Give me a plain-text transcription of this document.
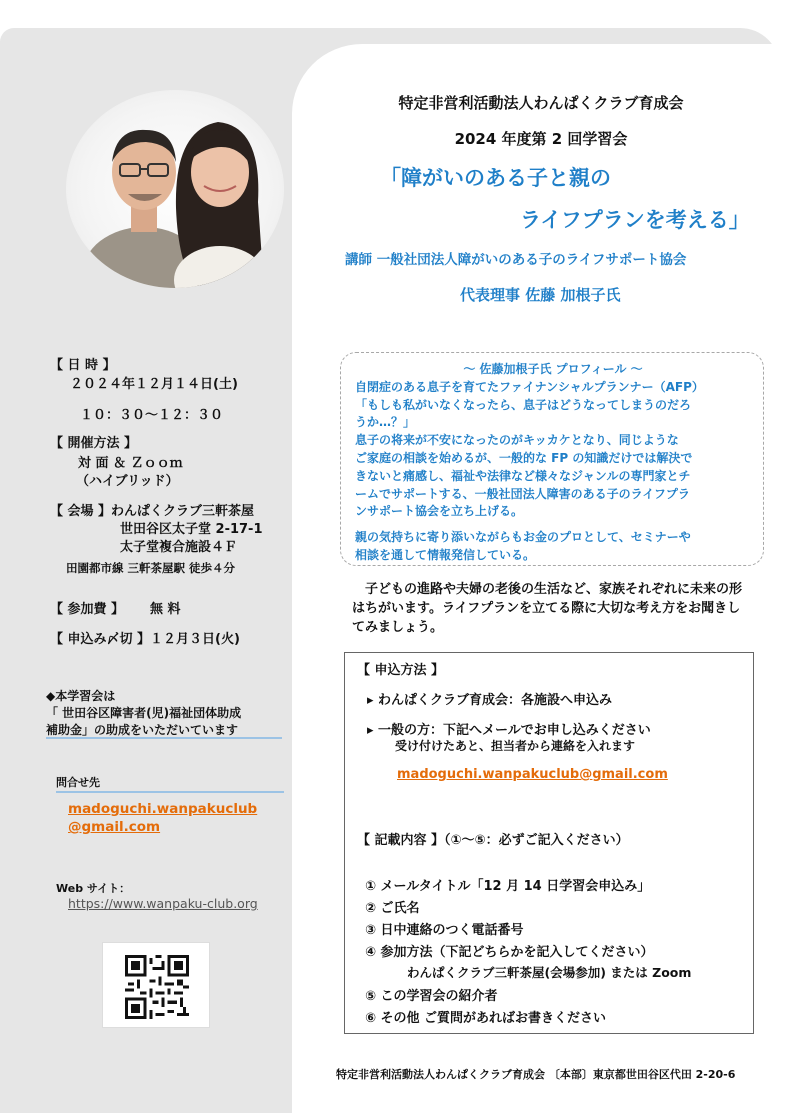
特定非営利活動法人わんぱくクラブ育成会
2024 年度第 2 回学習会
「障がいのある子と親の
ライフプランを考える」
講師 一般社団法人障がいのある子のライフサポート協会
代表理事 佐藤 加根子氏
【 日 時 】
２０２４年１２月１４日(土)
１０：３０～１２：３０
【 開催方法 】
対 面 ＆ Ｚｏｏｍ
（ハイブリッド）
【 会場 】わんぱくクラブ三軒茶屋
世田谷区太子堂 2-17-1
太子堂複合施設４Ｆ
田園都市線 三軒茶屋駅 徒歩４分
【 参加費 】 無 料
【 申込み〆切 】１２月３日(火)
～ 佐藤加根子氏 プロフィール ～
自閉症のある息子を育てたファイナンシャルプランナー（AFP）
「もしも私がいなくなったら、息子はどうなってしまうのだろ
うか…？」
息子の将来が不安になったのがキッカケとなり、同じような
ご家庭の相談を始めるが、一般的な FP の知識だけでは解決で
きないと痛感し、福祉や法律など様々なジャンルの専門家とチ
ームでサポートする、一般社団法人障害のある子のライフプラ
ンサポート協会を立ち上げる。
親の気持ちに寄り添いながらもお金のプロとして、セミナーや
相談を通して情報発信している。
子どもの進路や夫婦の老後の生活など、家族それぞれに未来の形はちがいます。ライフプランを立てる際に大切な考え方をお聞きしてみましょう。
【 申込方法 】
▸ わんぱくクラブ育成会：各施設へ申込み
▸ 一般の方：下記へメールでお申し込みください
受け付けたあと、担当者から連絡を入れます
madoguchi.wanpakuclub@gmail.com
【 記載内容 】（①～⑤：必ずご記入ください）
① メールタイトル「12 月 14 日学習会申込み」
② ご氏名
③ 日中連絡のつく電話番号
④ 参加方法（下記どちらかを記入してください）
わんぱくクラブ三軒茶屋(会場参加) または Zoom
⑤ この学習会の紹介者
⑥ その他 ご質問があればお書きください
◆本学習会は
「 世田谷区障害者(児)福祉団体助成
補助金」の助成をいただいています
問合せ先
madoguchi.wanpakuclub
@gmail.com
Web サイト：
https://www.wanpaku-club.org
特定非営利活動法人わんぱくクラブ育成会 〔本部〕東京都世田谷区代田 2-20-6
